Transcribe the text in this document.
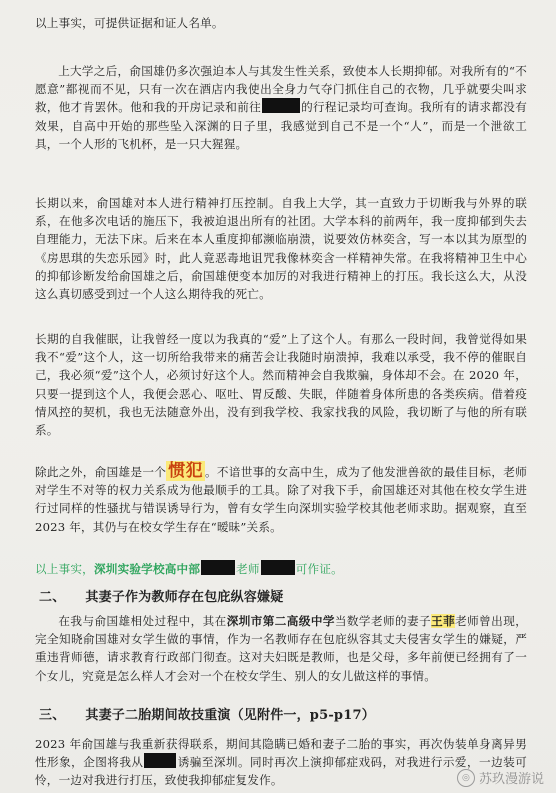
以上事实，可提供证据和证人名单。

上大学之后，俞国雄仍多次强迫本人与其发生性关系，致使本人长期抑郁。对我所有的“不愿意”都视而不见，只有一次在酒店内我使出全身力气夺门抓住自己的衣物，几乎就要尖叫求救，他才肯罢休。他和我的开房记录和前往	的行程记录均可查询。我所有的请求都没有效果，自高中开始的那些坠入深渊的日子里，我感觉到自己不是一个“人”，而是一个泄欲工具，一个人形的飞机杯，是一只大猩猩。

长期以来，俞国雄对本人进行精神打压控制。自我上大学，其一直致力于切断我与外界的联系，在他多次电话的施压下，我被迫退出所有的社团。大学本科的前两年，我一度抑郁到失去自理能力，无法下床。后来在本人重度抑郁濒临崩溃，说要效仿林奕含，写一本以其为原型的《房思琪的失恋乐园》时，此人竟恶毒地诅咒我像林奕含一样精神失常。在我将精神卫生中心的抑郁诊断发给俞国雄之后，俞国雄便变本加厉的对我进行精神上的打压。我长这么大，从没这么真切感受到过一个人这么期待我的死亡。

长期的自我催眠，让我曾经一度以为我真的“爱”上了这个人。有那么一段时间，我曾觉得如果我不“爱”这个人，这一切所给我带来的痛苦会让我随时崩溃掉，我难以承受，我不停的催眠自己，我必须“爱”这个人，必须讨好这个人。然而精神会自我欺骗，身体却不会。在 2020 年，只要一提到这个人，我便会恶心、呕吐、胃反酸、失眠，伴随着身体所患的各类疾病。借着疫情风控的契机，我也无法随意外出，没有到我学校、我家找我的风险，我切断了与他的所有联系。

除此之外，俞国雄是一个 惯犯 。不谙世事的女高中生，成为了他发泄兽欲的最佳目标，老师对学生不对等的权力关系成为他最顺手的工具。除了对我下手，俞国雄还对其他在校女学生进行过同样的性骚扰与错误诱导行为，曾有女学生向深圳实验学校其他老师求助。据观察，直至 2023 年，其仍与在校女学生存在“暧昧”关系。

以上事实，深圳实验学校高中部	老师	可作证。

二、 其妻子作为教师存在包庇纵容嫌疑
在我与俞国雄相处过程中，其在深圳市第二高级中学当数学老师的妻子王菲老师曾出现，完全知晓俞国雄对女学生做的事情，作为一名教师存在包庇纵容其丈夫侵害女学生的嫌疑，严重违背师德，请求教育行政部门彻查。这对夫妇既是教师，也是父母，多年前便已经拥有了一个女儿，究竟是怎么样人才会对一个在校女学生、别人的女儿做这样的事情。
三、 其妻子二胎期间故技重演（见附件一，p5-p17）
2023 年俞国雄与我重新获得联系，期间其隐瞒已婚和妻子二胎的事实，再次伪装单身离异男性形象，企图将我从	诱骗至深圳。同时再次上演抑郁症戏码，对我进行示爱，一边装可怜，一边对我进行打压，致使我抑郁症复发作。	◎ 苏玖漫游说
